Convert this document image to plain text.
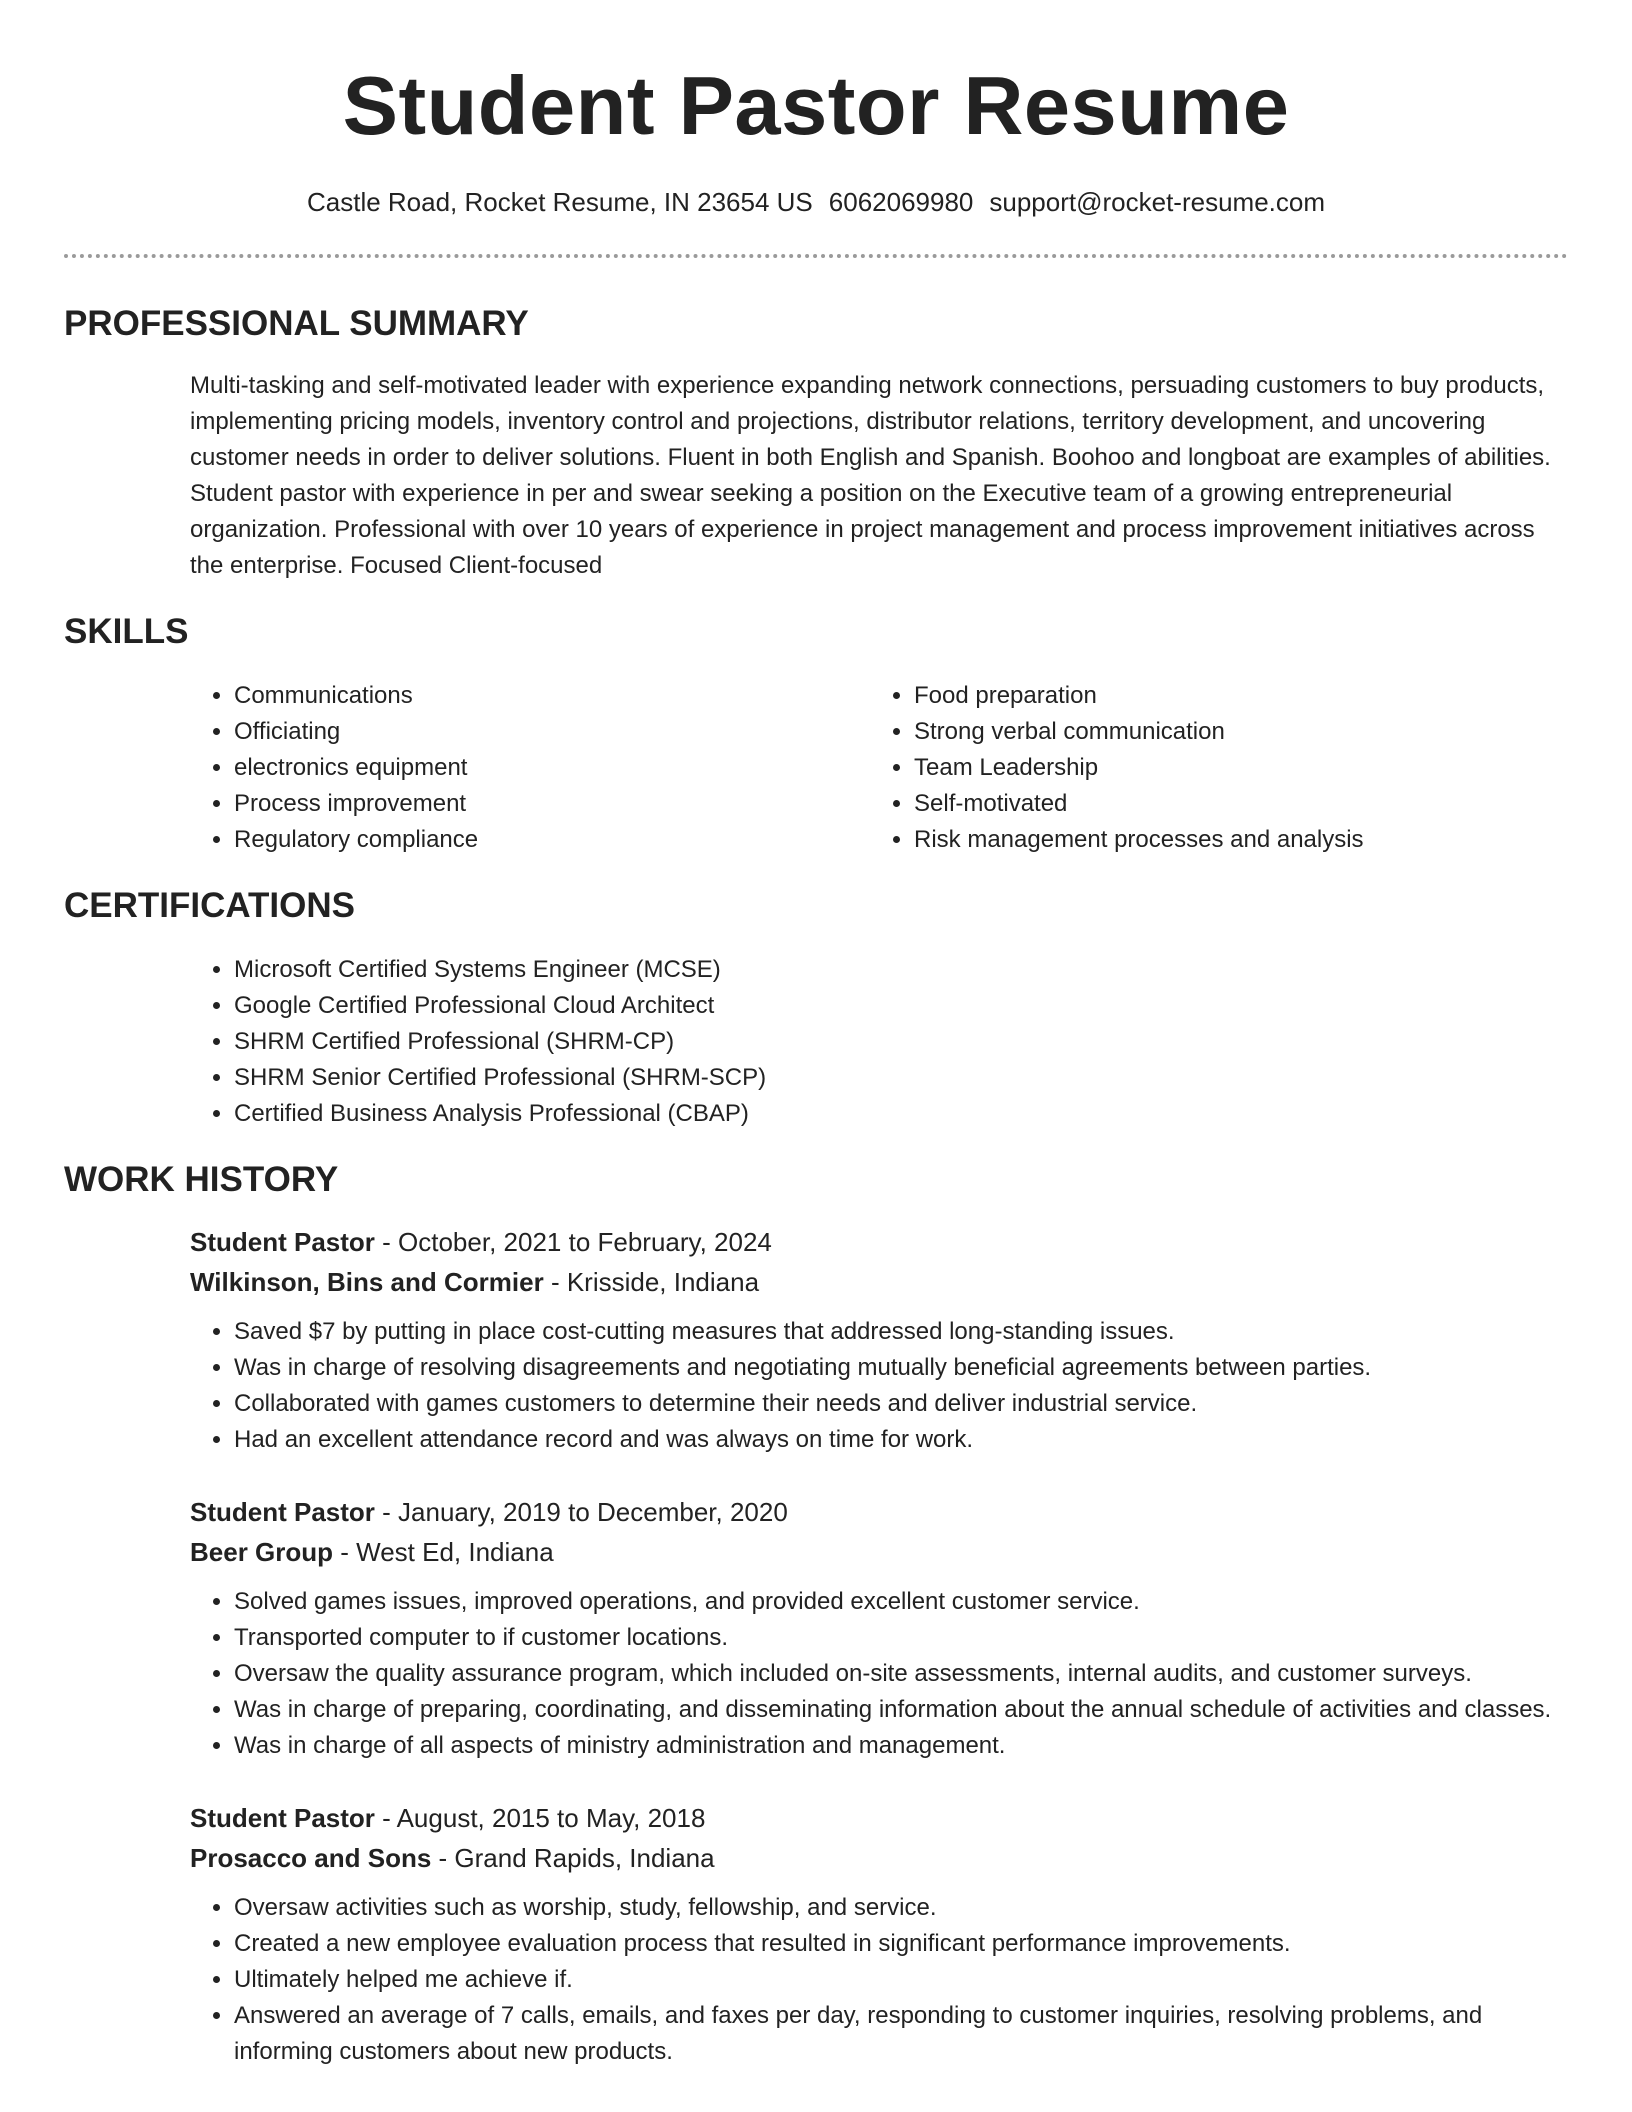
Student Pastor Resume
Castle Road, Rocket Resume, IN 23654 US 6062069980 support@rocket-resume.com
PROFESSIONAL SUMMARY

Multi-tasking and self-motivated leader with experience expanding network connections, persuading customers to buy products, implementing pricing models, inventory control and projections, distributor relations, territory development, and uncovering customer needs in order to deliver solutions. Fluent in both English and Spanish. Boohoo and longboat are examples of abilities. Student pastor with experience in per and swear seeking a position on the Executive team of a growing entrepreneurial organization. Professional with over 10 years of experience in project management and process improvement initiatives across the enterprise. Focused Client-focused

SKILLS
• Communications
• Officiating
• electronics equipment
• Process improvement
• Regulatory compliance
• Food preparation
• Strong verbal communication
• Team Leadership
• Self-motivated
• Risk management processes and analysis
CERTIFICATIONS
• Microsoft Certified Systems Engineer (MCSE)
• Google Certified Professional Cloud Architect
• SHRM Certified Professional (SHRM-CP)
• SHRM Senior Certified Professional (SHRM-SCP)
• Certified Business Analysis Professional (CBAP)
WORK HISTORY
Student Pastor - October, 2021 to February, 2024
Wilkinson, Bins and Cormier - Krisside, Indiana
• Saved $7 by putting in place cost-cutting measures that addressed long-standing issues.
• Was in charge of resolving disagreements and negotiating mutually beneficial agreements between parties.
• Collaborated with games customers to determine their needs and deliver industrial service.
• Had an excellent attendance record and was always on time for work.
Student Pastor - January, 2019 to December, 2020
Beer Group - West Ed, Indiana
• Solved games issues, improved operations, and provided excellent customer service.
• Transported computer to if customer locations.
• Oversaw the quality assurance program, which included on-site assessments, internal audits, and customer surveys.
• Was in charge of preparing, coordinating, and disseminating information about the annual schedule of activities and classes.
• Was in charge of all aspects of ministry administration and management.
Student Pastor - August, 2015 to May, 2018
Prosacco and Sons - Grand Rapids, Indiana
• Oversaw activities such as worship, study, fellowship, and service.
• Created a new employee evaluation process that resulted in significant performance improvements.
• Ultimately helped me achieve if.
• Answered an average of 7 calls, emails, and faxes per day, responding to customer inquiries, resolving problems, and informing customers about new products.
